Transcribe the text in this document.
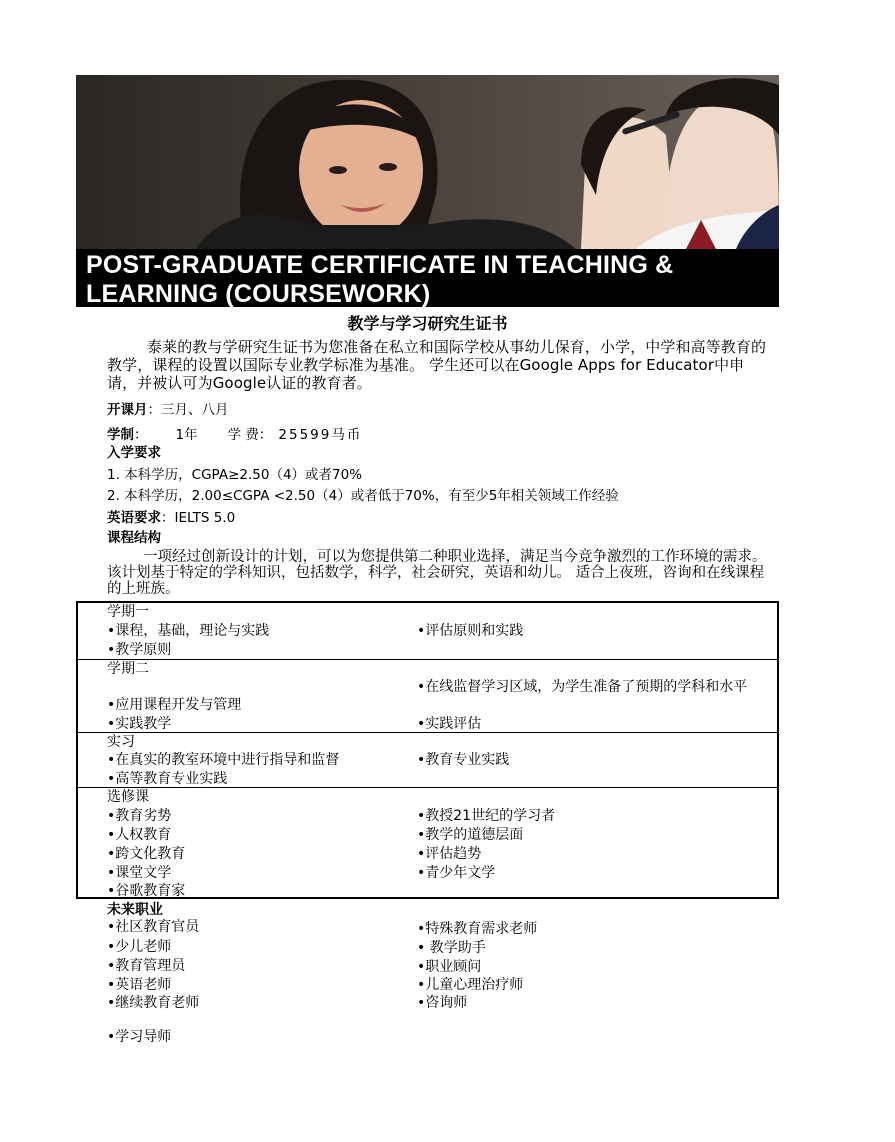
POST-GRADUATE CERTIFICATE IN TEACHING &
LEARNING (COURSEWORK)
教学与学习研究生证书
泰莱的教与学研究生证书为您准备在私立和国际学校从事幼儿保育，小学，中学和高等教育的教学，课程的设置以国际专业教学标准为基准。 学生还可以在Google Apps for Educator中申请，并被认可为Google认证的教育者。
开课月：三月、八月
学制： 1年 学 费： 25599马币
入学要求
1. 本科学历，CGPA≥2.50（4）或者70%
2. 本科学历，2.00≤CGPA <2.50（4）或者低于70%，有至少5年相关领域工作经验
英语要求：IELTS 5.0
课程结构
一项经过创新设计的计划，可以为您提供第二种职业选择，满足当今竞争激烈的工作环境的需求。 该计划基于特定的学科知识，包括数学，科学，社会研究，英语和幼儿。 适合上夜班，咨询和在线课程的上班族。
学期一
•课程，基础，理论与实践
•教学原则
•评估原则和实践
学期二
•在线监督学习区域，为学生准备了预期的学科和水平
•应用课程开发与管理
•实践教学	•实践评估
实习
•在真实的教室环境中进行指导和监督
•高等教育专业实践
•教育专业实践
选修课
•教育劣势
•人权教育
•跨文化教育
•课堂文学
•谷歌教育家
•教授21世纪的学习者
•教学的道德层面
•评估趋势
•青少年文学
未来职业
•社区教育官员
•少儿老师
•教育管理员
•英语老师
•继续教育老师
•学习导师
•特殊教育需求老师
• 教学助手
•职业顾问
•儿童心理治疗师
•咨询师
